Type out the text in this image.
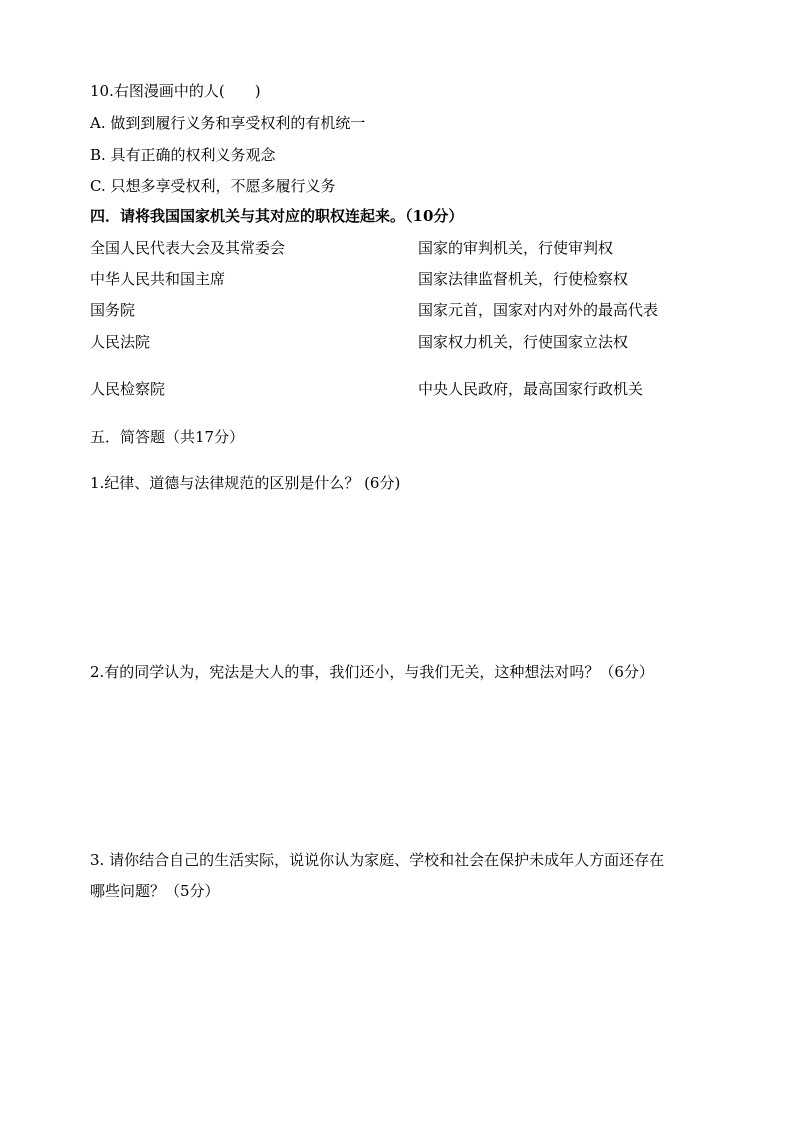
10.右图漫画中的人(　　)
A. 做到到履行义务和享受权利的有机统一
B. 具有正确的权利义务观念
C. 只想多享受权利，不愿多履行义务
四．请将我国国家机关与其对应的职权连起来。（10分）
全国人民代表大会及其常委会	国家的审判机关，行使审判权
中华人民共和国主席	国家法律监督机关，行使检察权
国务院	国家元首，国家对内对外的最高代表
人民法院	国家权力机关，行使国家立法权
人民检察院	中央人民政府，最高国家行政机关
五．简答题（共17分）
1.纪律、道德与法律规范的区别是什么？ (6分)
2.有的同学认为，宪法是大人的事，我们还小，与我们无关，这种想法对吗？（6分）
3. 请你结合自己的生活实际，说说你认为家庭、学校和社会在保护未成年人方面还存在
哪些问题？（5分）
